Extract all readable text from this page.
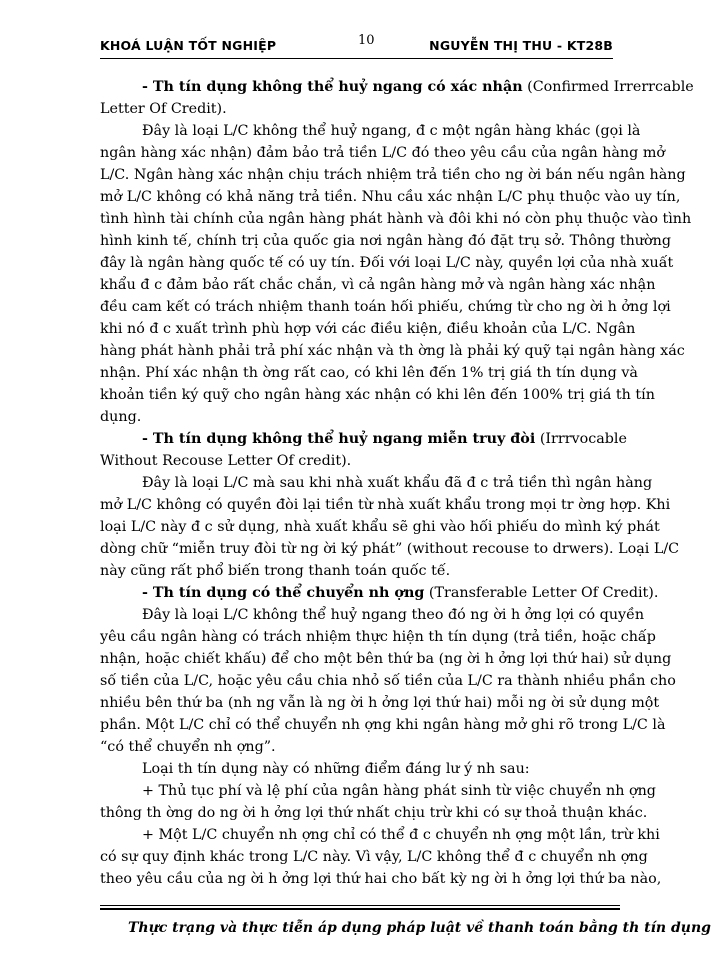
KHOÁ LUẬN TỐT NGHIỆP	10	NGUYỄN THỊ THU - KT28B
- Th tín dụng không thể huỷ ngang có xác nhận (Confirmed Irrerrcable
Letter Of Credit).
Đây là loại L/C không thể huỷ ngang, đ c một ngân hàng khác (gọi là
ngân hàng xác nhận) đảm bảo trả tiền L/C đó theo yêu cầu của ngân hàng mở
L/C. Ngân hàng xác nhận chịu trách nhiệm trả tiền cho ng ời bán nếu ngân hàng
mở L/C không có khả năng trả tiền. Nhu cầu xác nhận L/C phụ thuộc vào uy tín,
tình hình tài chính của ngân hàng phát hành và đôi khi nó còn phụ thuộc vào tình
hình kinh tế, chính trị của quốc gia nơi ngân hàng đó đặt trụ sở. Thông thường
đây là ngân hàng quốc tế có uy tín. Đối với loại L/C này, quyền lợi của nhà xuất
khẩu đ c đảm bảo rất chắc chắn, vì cả ngân hàng mở và ngân hàng xác nhận
đều cam kết có trách nhiệm thanh toán hối phiếu, chứng từ cho ng ời h ởng lợi
khi nó đ c xuất trình phù hợp với các điều kiện, điều khoản của L/C. Ngân
hàng phát hành phải trả phí xác nhận và th ờng là phải ký quỹ tại ngân hàng xác
nhận. Phí xác nhận th ờng rất cao, có khi lên đến 1% trị giá th tín dụng và
khoản tiền ký quỹ cho ngân hàng xác nhận có khi lên đến 100% trị giá th tín
dụng.
- Th tín dụng không thể huỷ ngang miễn truy đòi (Irrrvocable
Without Recouse Letter Of credit).
Đây là loại L/C mà sau khi nhà xuất khẩu đã đ c trả tiền thì ngân hàng
mở L/C không có quyền đòi lại tiền từ nhà xuất khẩu trong mọi tr ờng hợp. Khi
loại L/C này đ c sử dụng, nhà xuất khẩu sẽ ghi vào hối phiếu do mình ký phát
dòng chữ “miễn truy đòi từ ng ời ký phát” (without recouse to drwers). Loại L/C
này cũng rất phổ biến trong thanh toán quốc tế.
- Th tín dụng có thể chuyển nh ợng (Transferable Letter Of Credit).
Đây là loại L/C không thể huỷ ngang theo đó ng ời h ởng lợi có quyền
yêu cầu ngân hàng có trách nhiệm thực hiện th tín dụng (trả tiền, hoặc chấp
nhận, hoặc chiết khấu) để cho một bên thứ ba (ng ời h ởng lợi thứ hai) sử dụng
số tiền của L/C, hoặc yêu cầu chia nhỏ số tiền của L/C ra thành nhiều phần cho
nhiều bên thứ ba (nh ng vẫn là ng ời h ởng lợi thứ hai) mỗi ng ời sử dụng một
phần. Một L/C chỉ có thể chuyển nh ợng khi ngân hàng mở ghi rõ trong L/C là
“có thể chuyển nh ợng”.
Loại th tín dụng này có những điểm đáng lư ý nh sau:
+ Thủ tục phí và lệ phí của ngân hàng phát sinh từ việc chuyển nh ợng
thông th ờng do ng ời h ởng lợi thứ nhất chịu trừ khi có sự thoả thuận khác.
+ Một L/C chuyển nh ợng chỉ có thể đ c chuyển nh ợng một lần, trừ khi
có sự quy định khác trong L/C này. Vì vậy, L/C không thể đ c chuyển nh ợng
theo yêu cầu của ng ời h ởng lợi thứ hai cho bất kỳ ng ời h ởng lợi thứ ba nào,
Thực trạng và thực tiễn áp dụng pháp luật về thanh toán bằng th tín dụng
